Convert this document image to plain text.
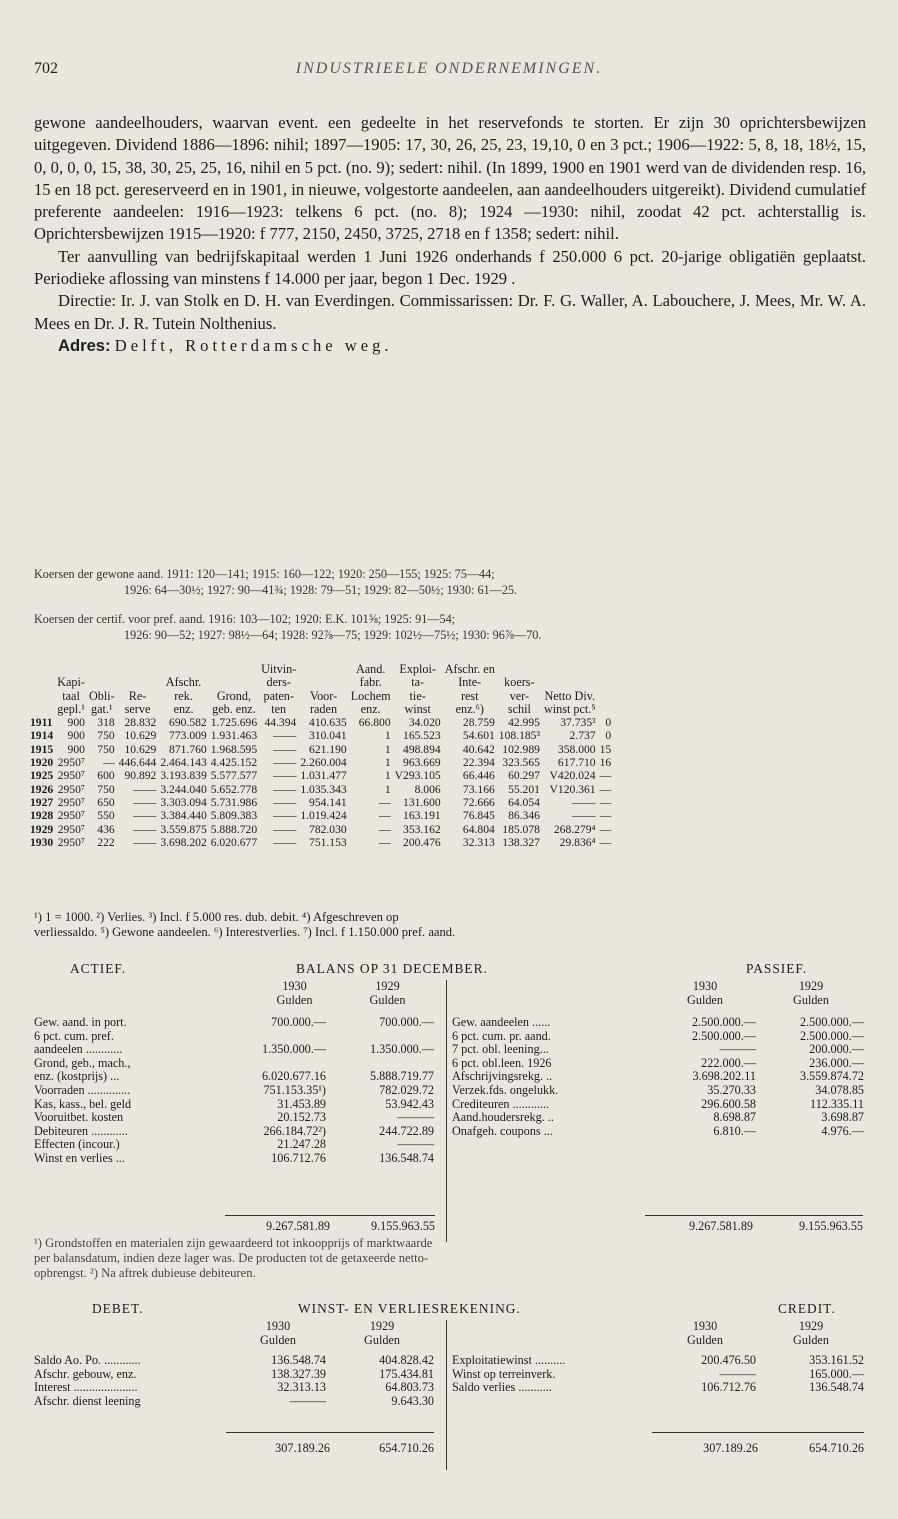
702	INDUSTRIEELE ONDERNEMINGEN.

gewone aandeelhouders, waarvan event. een gedeelte in het reservefonds te storten. Er zijn 30 oprichtersbewijzen uitgegeven. Dividend 1886—1896: nihil; 1897—1905: 17, 30, 26, 25, 23, 19,10, 0 en 3 pct.; 1906—1922: 5, 8, 18, 18½, 15, 0, 0, 0, 0, 15, 38, 30, 25, 25, 16, nihil en 5 pct. (no. 9); sedert: nihil. (In 1899, 1900 en 1901 werd van de dividenden resp. 16, 15 en 18 pct. gereserveerd en in 1901, in nieuwe, volgestorte aandeelen, aan aandeelhouders uitgereikt). Dividend cumulatief preferente aandeelen: 1916—1923: telkens 6 pct. (no. 8); 1924 —1930: nihil, zoodat 42 pct. achterstallig is. Oprichtersbewijzen 1915—1920: f 777, 2150, 2450, 3725, 2718 en f 1358; sedert: nihil.

Ter aanvulling van bedrijfskapitaal werden 1 Juni 1926 onderhands f 250.000 6 pct. 20-jarige obligatiën geplaatst. Periodieke aflossing van minstens f 14.000 per jaar, begon 1 Dec. 1929 .

Directie: Ir. J. van Stolk en D. H. van Everdingen. Commissarissen: Dr. F. G. Waller, A. Labouchere, J. Mees, Mr. W. A. Mees en Dr. J. R. Tutein Nolthenius.

Adres: Delft, Rotterdamsche weg.

Koersen der gewone aand. 1911: 120—141; 1915: 160—122; 1920: 250—155; 1925: 75—44;
1926: 64—30½; 1927: 90—41¾; 1928: 79—51; 1929: 82—50½; 1930: 61—25.
Koersen der certif. voor pref. aand. 1916: 103—102; 1920: E.K. 101⅝; 1925: 91—54;
1926: 90—52; 1927: 98½—64; 1928: 92⅞—75; 1929: 102½—75½; 1930: 96⅞—70.
						Uitvin-		Aand.	Exploi-	Afschr. en			
	Kapi-			Afschr.		ders-		fabr.	ta-	Inte-	koers-		
	taal	Obli-	Re-	rek.	Grond,	paten-	Voor-	Lochem	tie-	rest	ver-	Netto Div.	
	gepl.¹	gat.¹	serve	enz.	geb. enz.	ten	raden	enz.	winst	enz.⁶)	schil	winst pct.⁵	
1911	900	318	28.832	690.582	1.725.696	44.394	410.635	66.800	34.020	28.759	42.995	37.735³	0
1914	900	750	10.629	773.009	1.931.463	——	310.041	1	165.523	54.601	108.185³	2.737	0
1915	900	750	10.629	871.760	1.968.595	——	621.190	1	498.894	40.642	102.989	358.000	15
1920	2950⁷	—	446.644	2.464.143	4.425.152	——	2.260.004	1	963.669	22.394	323.565	617.710	16
1925	2950⁷	600	90.892	3.193.839	5.577.577	——	1.031.477	1	V293.105	66.446	60.297	V420.024	—
1926	2950⁷	750	——	3.244.040	5.652.778	——	1.035.343	1	8.006	73.166	55.201	V120.361	—
1927	2950⁷	650	——	3.303.094	5.731.986	——	954.141	—	131.600	72.666	64.054	——	—
1928	2950⁷	550	——	3.384.440	5.809.383	——	1.019.424	—	163.191	76.845	86.346	——	—
1929	2950⁷	436	——	3.559.875	5.888.720	——	782.030	—	353.162	64.804	185.078	268.279⁴	—
1930	2950⁷	222	——	3.698.202	6.020.677	——	751.153	—	200.476	32.313	138.327	29.836⁴	—
¹) 1 = 1000. ²) Verlies. ³) Incl. f 5.000 res. dub. debit. ⁴) Afgeschreven op
verliessaldo. ⁵) Gewone aandeelen. ⁶) Interestverlies. ⁷) Incl. f 1.150.000 pref. aand.
ACTIEF.	BALANS OP 31 DECEMBER.	PASSIEF.
1930	1929
Gulden	Gulden
1930	1929
Gulden	Gulden
Gew. aand. in port.	700.000.—	700.000.—
6 pct. cum. pref.
aandeelen ............	1.350.000.—	1.350.000.—
Grond, geb., mach.,
enz. (kostprijs) ...	6.020.677.16	5.888.719.77
Voorraden ..............	751.153.35¹)	782.029.72
Kas, kass., bel. geld	31.453.89	53.942.43
Vooruitbet. kosten	20.152.73	———
Debiteuren ............	266.184.72²)	244.722.89
Effecten (incour.)	21.247.28	———
Winst en verlies ...	106.712.76	136.548.74
Gew. aandeelen ......	2.500.000.—	2.500.000.—
6 pct. cum. pr. aand.	2.500.000.—	2.500.000.—
7 pct. obl. leening...	———	200.000.—
6 pct. obl.leen. 1926	222.000.—	236.000.—
Afschrijvingsrekg. ..	3.698.202.11	3.559.874.72
Verzek.fds. ongelukk.	35.270.33	34.078.85
Crediteuren ............	296.600.58	112.335.11
Aand.houdersrekg. ..	8.698.87	3.698.87
Onafgeh. coupons ...	6.810.—	4.976.—
9.267.581.89	9.155.963.55	9.267.581.89	9.155.963.55
¹) Grondstoffen en materialen zijn gewaardeerd tot inkoopprijs of marktwaarde
per balansdatum, indien deze lager was. De producten tot de getaxeerde netto-
opbrengst. ²) Na aftrek dubieuse debiteuren.
DEBET.	WINST- EN VERLIESREKENING.	CREDIT.
1930	1929
Gulden	Gulden
1930	1929
Gulden	Gulden
Saldo Ao. Po. ............	136.548.74	404.828.42
Afschr. gebouw, enz.	138.327.39	175.434.81
Interest .....................	32.313.13	64.803.73
Afschr. dienst leening	———	9.643.30
Exploitatiewinst ..........	200.476.50	353.161.52
Winst op terreinverk.	———	165.000.—
Saldo verlies ...........	106.712.76	136.548.74
307.189.26	654.710.26	307.189.26	654.710.26
